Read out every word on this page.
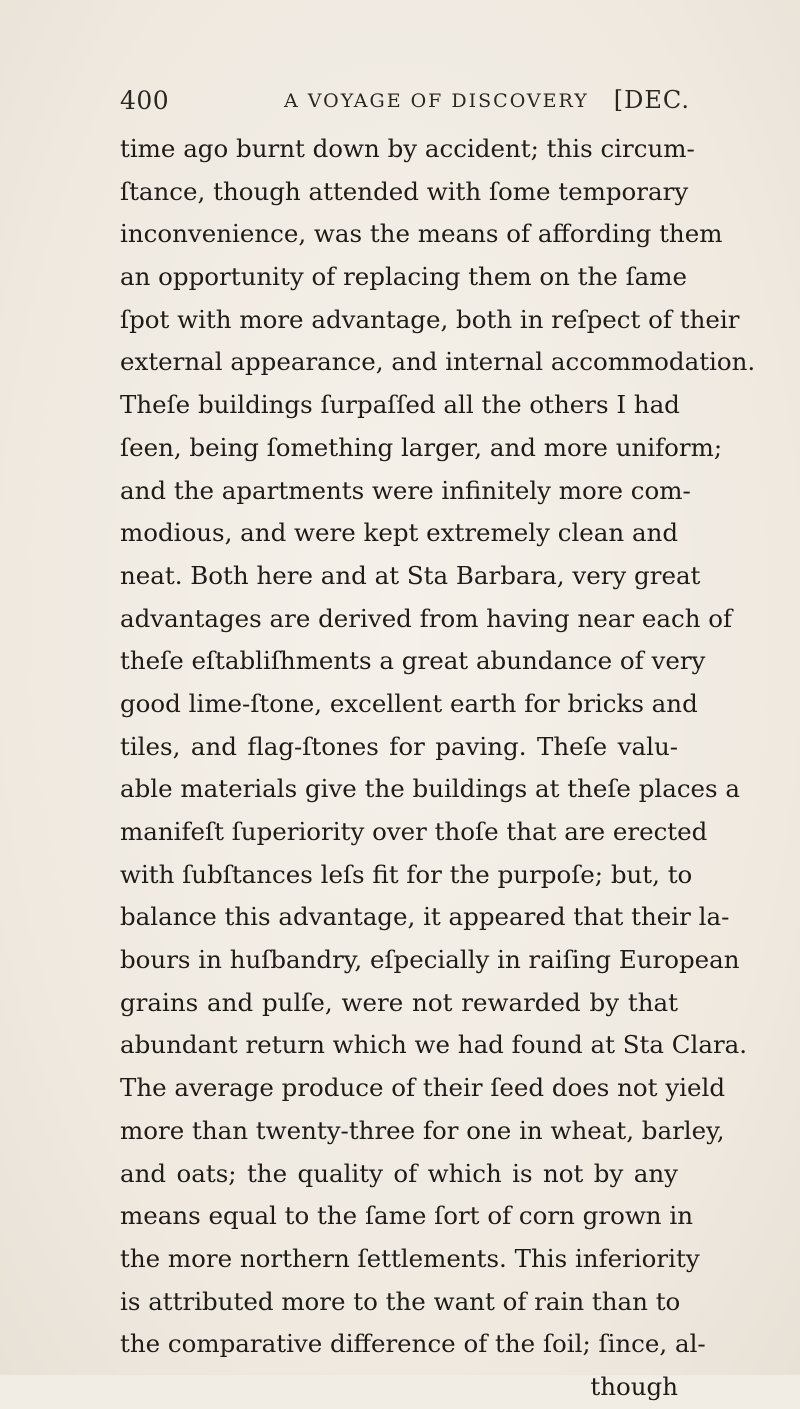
400	A VOYAGE OF DISCOVERY [DEC.
time ago burnt down by accident; this circum-
ſtance, though attended with ſome temporary
inconvenience, was the means of affording them
an opportunity of replacing them on the ſame
ſpot with more advantage, both in reſpect of their
external appearance, and internal accommodation.
Theſe buildings ſurpaſſed all the others I had
ſeen, being ſomething larger, and more uniform;
and the apartments were infinitely more com-
modious, and were kept extremely clean and
neat. Both here and at Sta Barbara, very great
advantages are derived from having near each of
theſe eſtabliſhments a great abundance of very
good lime-ſtone, excellent earth for bricks and
tiles, and flag-ſtones for paving. Theſe valu-
able materials give the buildings at theſe places a
manifeſt ſuperiority over thoſe that are erected
with ſubſtances leſs fit for the purpoſe; but, to
balance this advantage, it appeared that their la-
bours in huſbandry, eſpecially in raiſing European
grains and pulſe, were not rewarded by that
abundant return which we had found at Sta Clara.
The average produce of their ſeed does not yield
more than twenty-three for one in wheat, barley,
and oats; the quality of which is not by any
means equal to the ſame ſort of corn grown in
the more northern ſettlements. This inferiority
is attributed more to the want of rain than to
the comparative difference of the ſoil; ſince, al-
though
